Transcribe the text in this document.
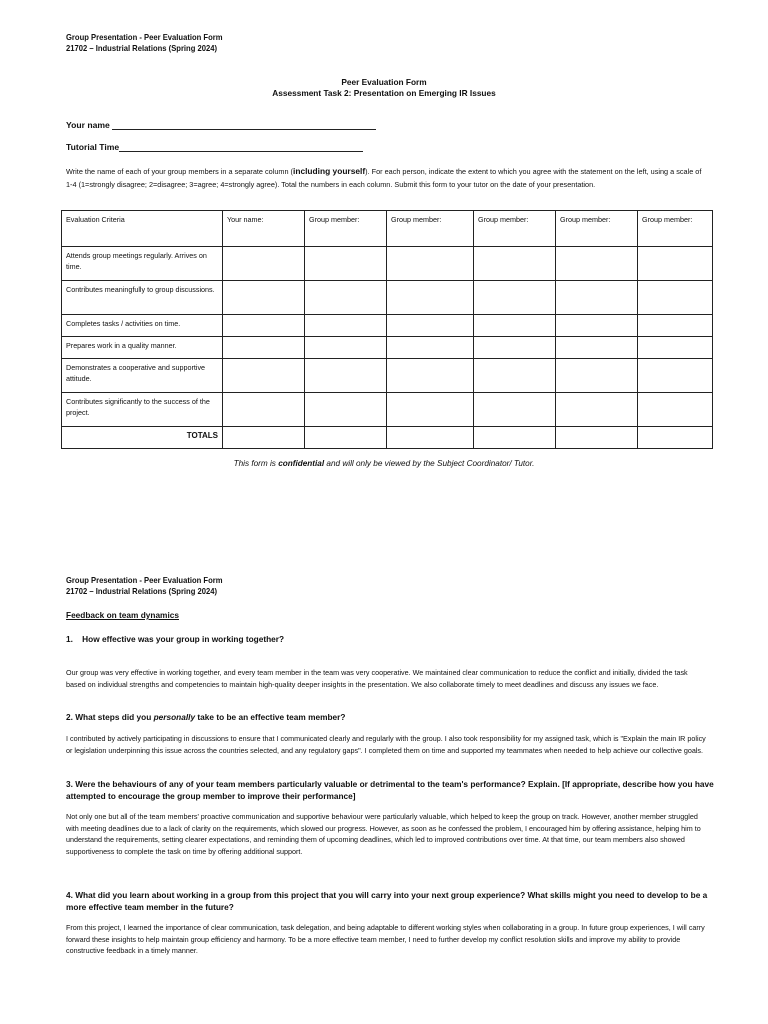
Group Presentation - Peer Evaluation Form
21702 – Industrial Relations (Spring 2024)
Peer Evaluation Form
Assessment Task 2: Presentation on Emerging IR Issues
Your name
Tutorial Time
Write the name of each of your group members in a separate column (including yourself). For each person, indicate the extent to which you agree with the statement on the left, using a scale of 1-4 (1=strongly disagree; 2=disagree; 3=agree; 4=strongly agree). Total the numbers in each column. Submit this form to your tutor on the date of your presentation.
Evaluation Criteria	Your name:	Group member:	Group member:	Group member:	Group member:	Group member:
Attends group meetings regularly. Arrives on time.						
Contributes meaningfully to group discussions.						
Completes tasks / activities on time.						
Prepares work in a quality manner.						
Demonstrates a cooperative and supportive attitude.						
Contributes significantly to the success of the project.						
TOTALS						
This form is confidential and will only be viewed by the Subject Coordinator/ Tutor.
Group Presentation - Peer Evaluation Form
21702 – Industrial Relations (Spring 2024)
Feedback on team dynamics
1. How effective was your group in working together?
Our group was very effective in working together, and every team member in the team was very cooperative. We maintained clear communication to reduce the conflict and initially, divided the task based on individual strengths and competencies to maintain high-quality deeper insights in the presentation. We also collaborate timely to meet deadlines and discuss any issues we face.
2. What steps did you personally take to be an effective team member?
I contributed by actively participating in discussions to ensure that I communicated clearly and regularly with the group. I also took responsibility for my assigned task, which is "Explain the main IR policy or legislation underpinning this issue across the countries selected, and any regulatory gaps". I completed them on time and supported my teammates when needed to help achieve our collective goals.
3. Were the behaviours of any of your team members particularly valuable or detrimental to the team's performance? Explain. [If appropriate, describe how you have attempted to encourage the group member to improve their performance]
Not only one but all of the team members' proactive communication and supportive behaviour were particularly valuable, which helped to keep the group on track. However, another member struggled with meeting deadlines due to a lack of clarity on the requirements, which slowed our progress. However, as soon as he confessed the problem, I encouraged him by offering assistance, helping him to understand the requirements, setting clearer expectations, and reminding them of upcoming deadlines, which led to improved contributions over time. At that time, our team members also showed supportiveness to complete the task on time by offering additional support.
4. What did you learn about working in a group from this project that you will carry into your next group experience? What skills might you need to develop to be a more effective team member in the future?
From this project, I learned the importance of clear communication, task delegation, and being adaptable to different working styles when collaborating in a group. In future group experiences, I will carry forward these insights to help maintain group efficiency and harmony. To be a more effective team member, I need to further develop my conflict resolution skills and improve my ability to provide constructive feedback in a timely manner.
